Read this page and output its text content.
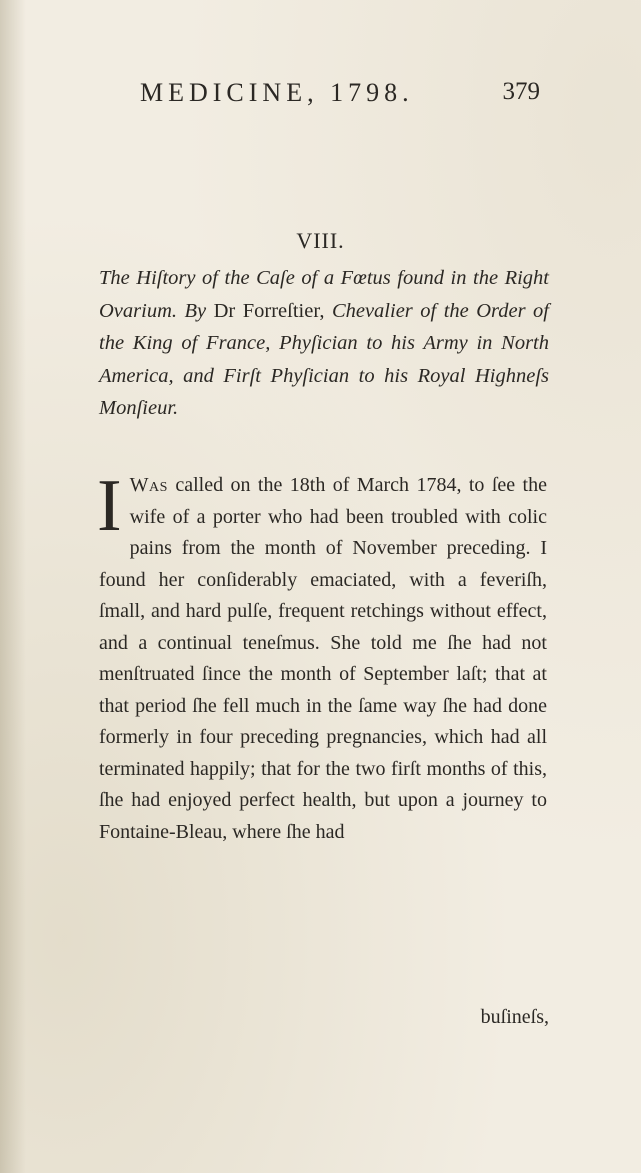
MEDICINE, 1798.	379
VIII.
The Hiſtory of the Caſe of a Fœtus found in the Right Ovarium. By Dr Forreſtier, Chevalier of the Order of the King of France, Phyſician to his Army in North America, and Firſt Phyſician to his Royal Highneſs Monſieur.
I Was called on the 18th of March 1784, to ſee the wife of a porter who had been troubled with colic pains from the month of November preceding. I found her conſiderably emaciated, with a feveriſh, ſmall, and hard pulſe, frequent retchings without effect, and a continual teneſmus. She told me ſhe had not menſtruated ſince the month of September laſt; that at that period ſhe fell much in the ſame way ſhe had done formerly in four preceding pregnancies, which had all terminated happily; that for the two firſt months of this, ſhe had enjoyed perfect health, but upon a journey to Fontaine-Bleau, where ſhe had
buſineſs,
